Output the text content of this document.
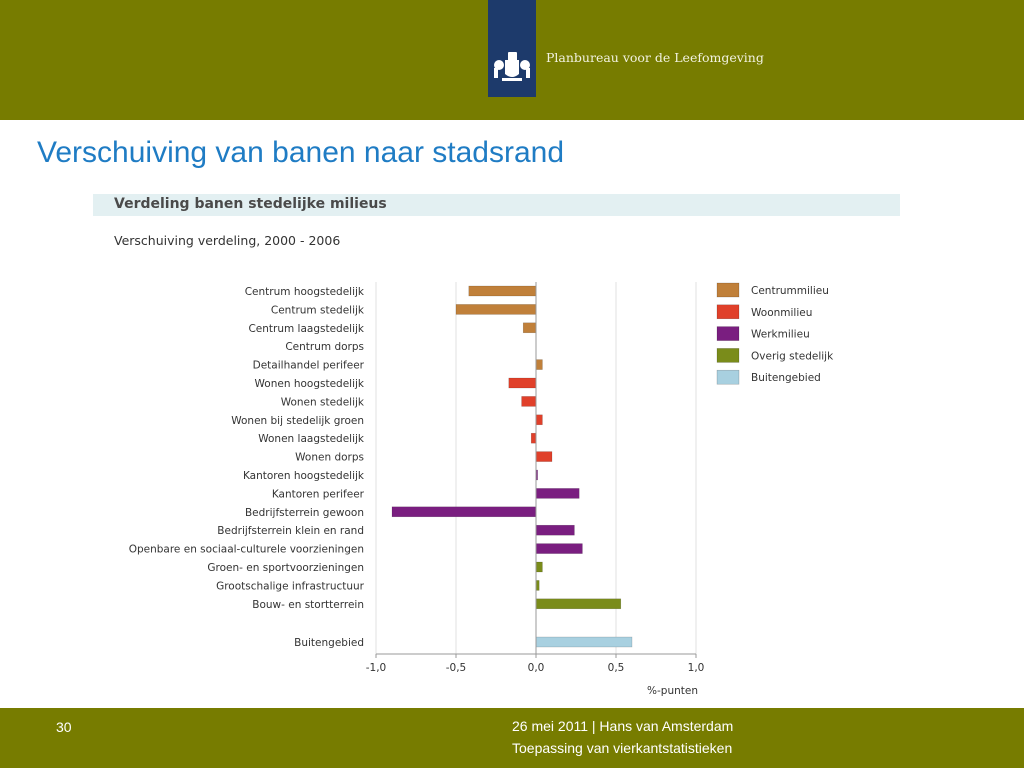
Planbureau voor de Leefomgeving
Verschuiving van banen naar stadsrand
Verdeling banen stedelijke milieus
Verschuiving verdeling, 2000 - 2006
Centrum hoogstedelijk
Centrum stedelijk
Centrum laagstedelijk
Centrum dorps
Detailhandel perifeer
Wonen hoogstedelijk
Wonen stedelijk
Wonen bij stedelijk groen
Wonen laagstedelijk
Wonen dorps
Kantoren hoogstedelijk
Kantoren perifeer
Bedrijfsterrein gewoon
Bedrijfsterrein klein en rand
Openbare en sociaal-culturele voorzieningen
Groen- en sportvoorzieningen
Grootschalige infrastructuur
Bouw- en stortterrein
Buitengebied
-1,0	-0,5	0,0	0,5	1,0
%-punten
Centrummilieu
Woonmilieu
Werkmilieu
Overig stedelijk
Buitengebied
30	26 mei 2011 | Hans van Amsterdam
Toepassing van vierkantstatistieken
